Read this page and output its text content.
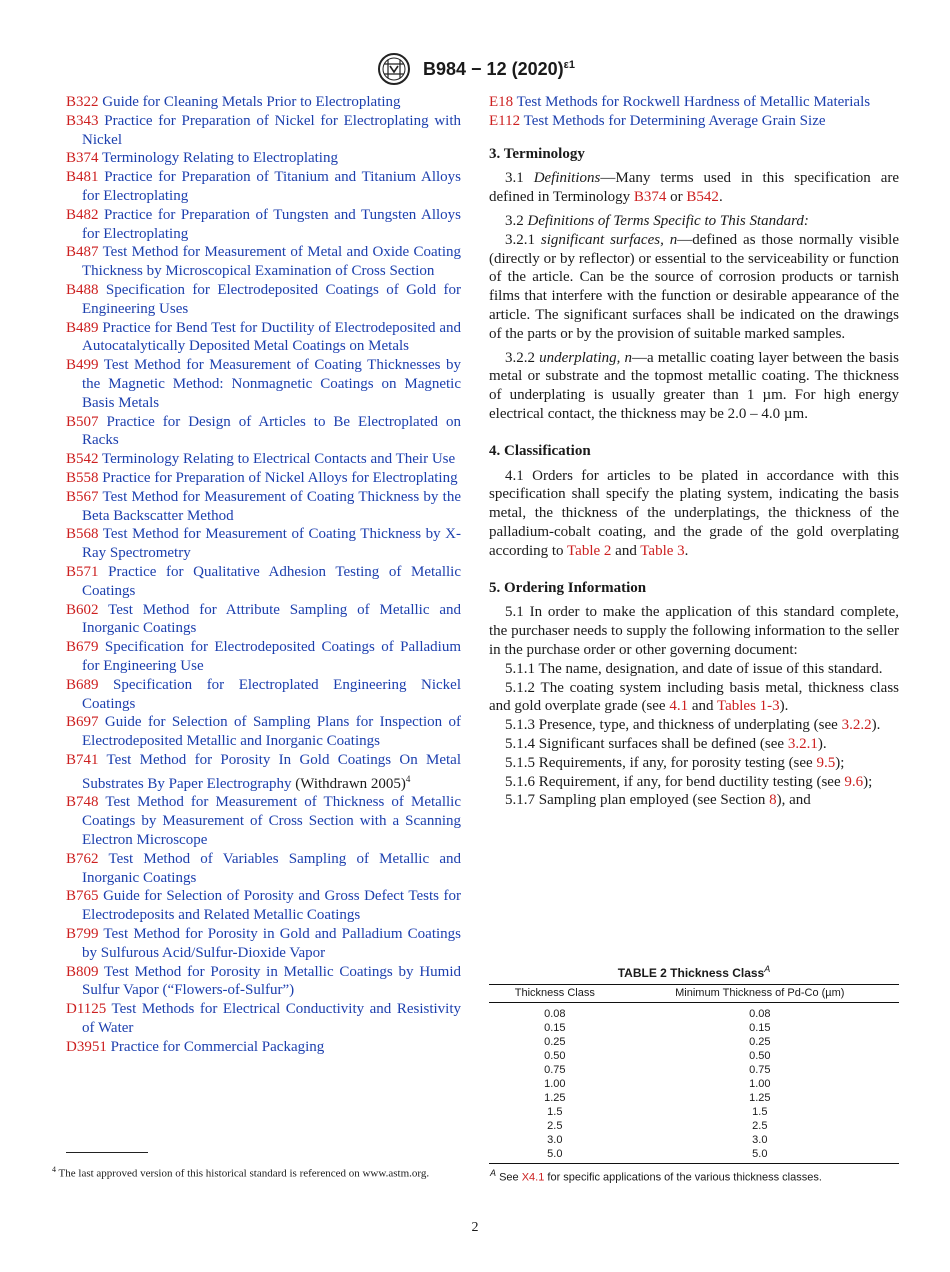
B984 − 12 $(2020)^{\varepsilon 1}$
B322 Guide for Cleaning Metals Prior to Electroplating
B343 Practice for Preparation of Nickel for Electroplating with Nickel
B374 Terminology Relating to Electroplating
B481 Practice for Preparation of Titanium and Titanium Alloys for Electroplating
B482 Practice for Preparation of Tungsten and Tungsten Alloys for Electroplating
B487 Test Method for Measurement of Metal and Oxide Coating Thickness by Microscopical Examination of Cross Section
B488 Specification for Electrodeposited Coatings of Gold for Engineering Uses
B489 Practice for Bend Test for Ductility of Electrodeposited and Autocatalytically Deposited Metal Coatings on Metals
B499 Test Method for Measurement of Coating Thicknesses by the Magnetic Method: Nonmagnetic Coatings on Magnetic Basis Metals
B507 Practice for Design of Articles to Be Electroplated on Racks
B542 Terminology Relating to Electrical Contacts and Their Use
B558 Practice for Preparation of Nickel Alloys for Electroplating
B567 Test Method for Measurement of Coating Thickness by the Beta Backscatter Method
B568 Test Method for Measurement of Coating Thickness by X-Ray Spectrometry
B571 Practice for Qualitative Adhesion Testing of Metallic Coatings
B602 Test Method for Attribute Sampling of Metallic and Inorganic Coatings
B679 Specification for Electrodeposited Coatings of Palladium for Engineering Use
B689 Specification for Electroplated Engineering Nickel Coatings
B697 Guide for Selection of Sampling Plans for Inspection of Electrodeposited Metallic and Inorganic Coatings
B741 Test Method for Porosity In Gold Coatings On Metal Substrates By Paper Electrography (Withdrawn 2005)$^4$
B748 Test Method for Measurement of Thickness of Metallic Coatings by Measurement of Cross Section with a Scanning Electron Microscope
B762 Test Method of Variables Sampling of Metallic and Inorganic Coatings
B765 Guide for Selection of Porosity and Gross Defect Tests for Electrodeposits and Related Metallic Coatings
B799 Test Method for Porosity in Gold and Palladium Coatings by Sulfurous Acid/Sulfur-Dioxide Vapor
B809 Test Method for Porosity in Metallic Coatings by Humid Sulfur Vapor (“Flowers-of-Sulfur”)
D1125 Test Methods for Electrical Conductivity and Resistivity of Water
D3951 Practice for Commercial Packaging
E18 Test Methods for Rockwell Hardness of Metallic Materials
E112 Test Methods for Determining Average Grain Size
3. Terminology

3.1 Definitions—Many terms used in this specification are defined in Terminology B374 or B542.

3.2 Definitions of Terms Specific to This Standard:

3.2.1 significant surfaces, n—defined as those normally visible (directly or by reflector) or essential to the serviceability or function of the article. Can be the source of corrosion products or tarnish films that interfere with the function or desirable appearance of the article. The significant surfaces shall be indicated on the drawings of the parts or by the provision of suitable marked samples.

3.2.2 underplating, n—a metallic coating layer between the basis metal or substrate and the topmost metallic coating. The thickness of underplating is usually greater than 1 µm. For high energy electrical contact, the thickness may be 2.0 – 4.0 µm.

4. Classification

4.1 Orders for articles to be plated in accordance with this specification shall specify the plating system, indicating the basis metal, the thickness of the underplatings, the thickness of the palladium-cobalt coating, and the grade of the gold overplating according to Table 2 and Table 3.

5. Ordering Information

5.1 In order to make the application of this standard complete, the purchaser needs to supply the following information to the seller in the purchase order or other governing document:

5.1.1 The name, designation, and date of issue of this standard.

5.1.2 The coating system including basis metal, thickness class and gold overplate grade (see 4.1 and Tables 1-3).

5.1.3 Presence, type, and thickness of underplating (see 3.2.2).

5.1.4 Significant surfaces shall be defined (see 3.2.1).

5.1.5 Requirements, if any, for porosity testing (see 9.5);

5.1.6 Requirement, if any, for bend ductility testing (see 9.6);

5.1.7 Sampling plan employed (see Section 8), and

TABLE 2 Thickness Class$^A$
Thickness Class	Minimum Thickness of Pd-Co (µm)
0.08	0.08
0.15	0.15
0.25	0.25
0.50	0.50
0.75	0.75
1.00	1.00
1.25	1.25
1.5	1.5
2.5	2.5
3.0	3.0
5.0	5.0
$^A$ See X4.1 for specific applications of the various thickness classes.	
$^4$ The last approved version of this historical standard is referenced on www.astm.org.
2
